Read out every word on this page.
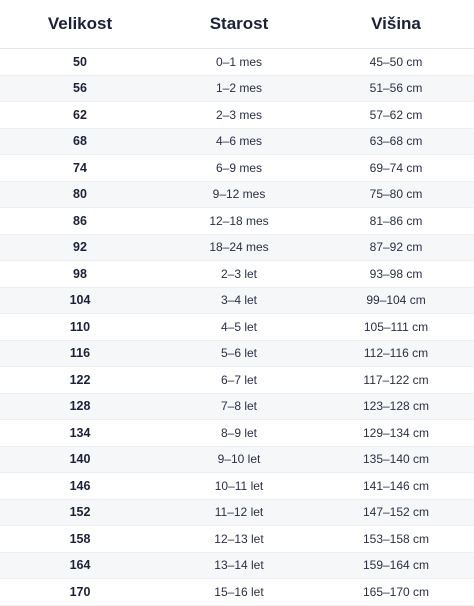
Velikost	Starost	Višina
50	0–1 mes	45–50 cm
56	1–2 mes	51–56 cm
62	2–3 mes	57–62 cm
68	4–6 mes	63–68 cm
74	6–9 mes	69–74 cm
80	9–12 mes	75–80 cm
86	12–18 mes	81–86 cm
92	18–24 mes	87–92 cm
98	2–3 let	93–98 cm
104	3–4 let	99–104 cm
110	4–5 let	105–111 cm
116	5–6 let	112–116 cm
122	6–7 let	117–122 cm
128	7–8 let	123–128 cm
134	8–9 let	129–134 cm
140	9–10 let	135–140 cm
146	10–11 let	141–146 cm
152	11–12 let	147–152 cm
158	12–13 let	153–158 cm
164	13–14 let	159–164 cm
170	15–16 let	165–170 cm
